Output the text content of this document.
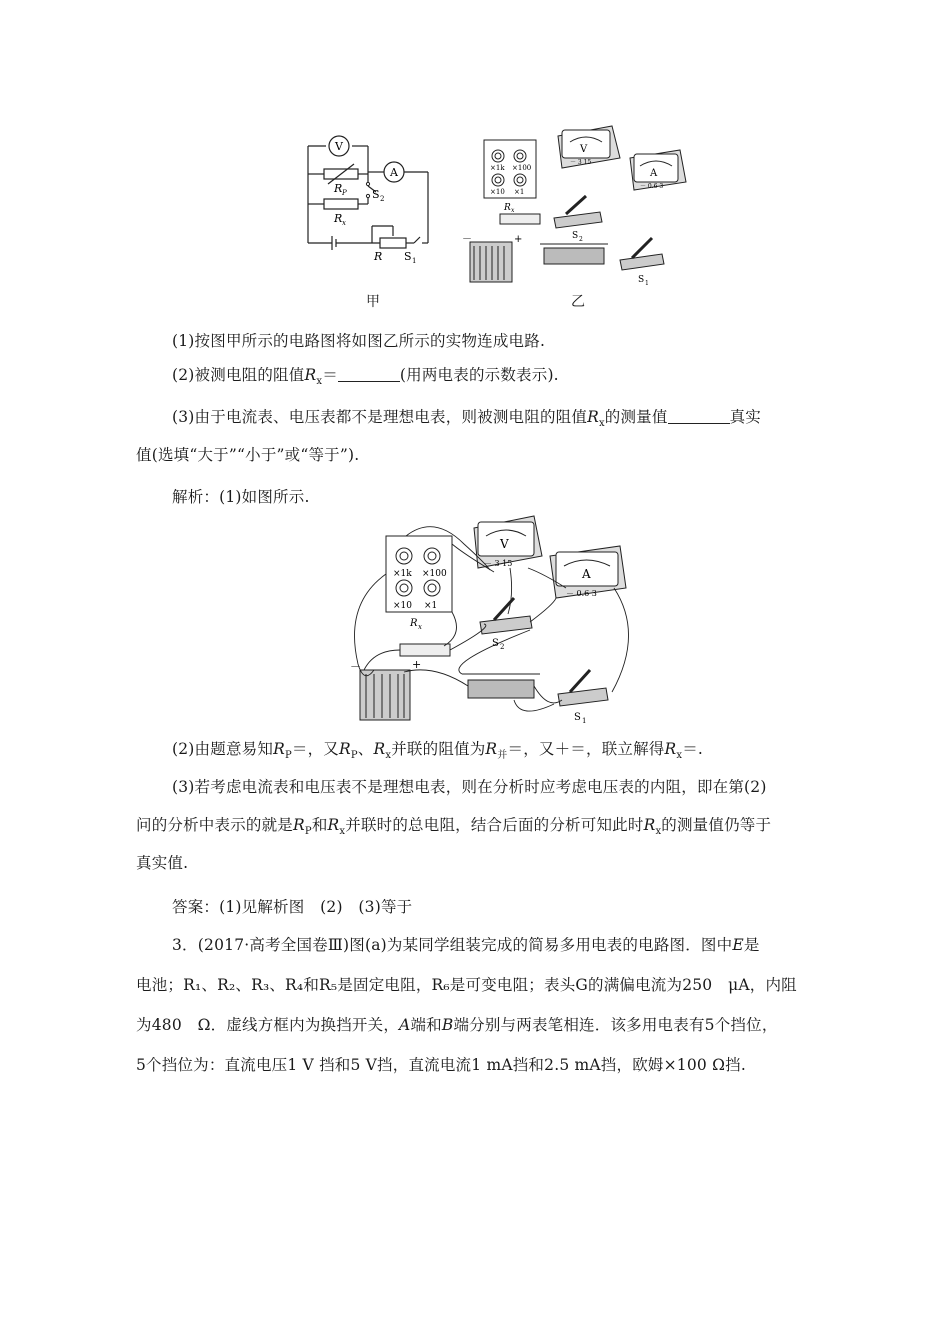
V
A
R P S 2
R x
R S 1
甲
×1k ×100
×10 ×1
V
－ 3 15
A
－ 0.6 3
R x
S 2
S 1
－	+
乙
(1)按图甲所示的电路图将如图乙所示的实物连成电路.
(2)被测电阻的阻值$R_x=$	(用两电表的示数表示).
(3)由于电流表、电压表都不是理想电表，则被测电阻的阻值$R_x$的测量值	真实
值(选填“大于”“小于”或“等于”).
解析：(1)如图所示.
×1k ×100
×10 ×1
R x
V
－ 3 15
A
－ 0.6 3
S 2
S 1
－	+
(2)由题意易知$R_P=$，又$R_P$、$R_x$并联的阻值为$R_并=$，又＋＝，联立解得$R_x=$.
(3)若考虑电流表和电压表不是理想电表，则在分析时应考虑电压表的内阻，即在第(2)
问的分析中表示的就是$R_P$和$R_x$并联时的总电阻，结合后面的分析可知此时$R_x$的测量值仍等于
真实值.
答案：(1)见解析图　(2)　(3)等于
3．(2017·高考全国卷Ⅲ)图(a)为某同学组装完成的简易多用电表的电路图．图中E是
电池；R₁、R₂、R₃、R₄和R₅是固定电阻，R₆是可变电阻；表头G的满偏电流为250　μA，内阻
为480　Ω．虚线方框内为换挡开关，A端和B端分别与两表笔相连．该多用电表有5个挡位，
5个挡位为：直流电压1 V 挡和5 V挡，直流电流1 mA挡和2.5 mA挡，欧姆×100 Ω挡.
